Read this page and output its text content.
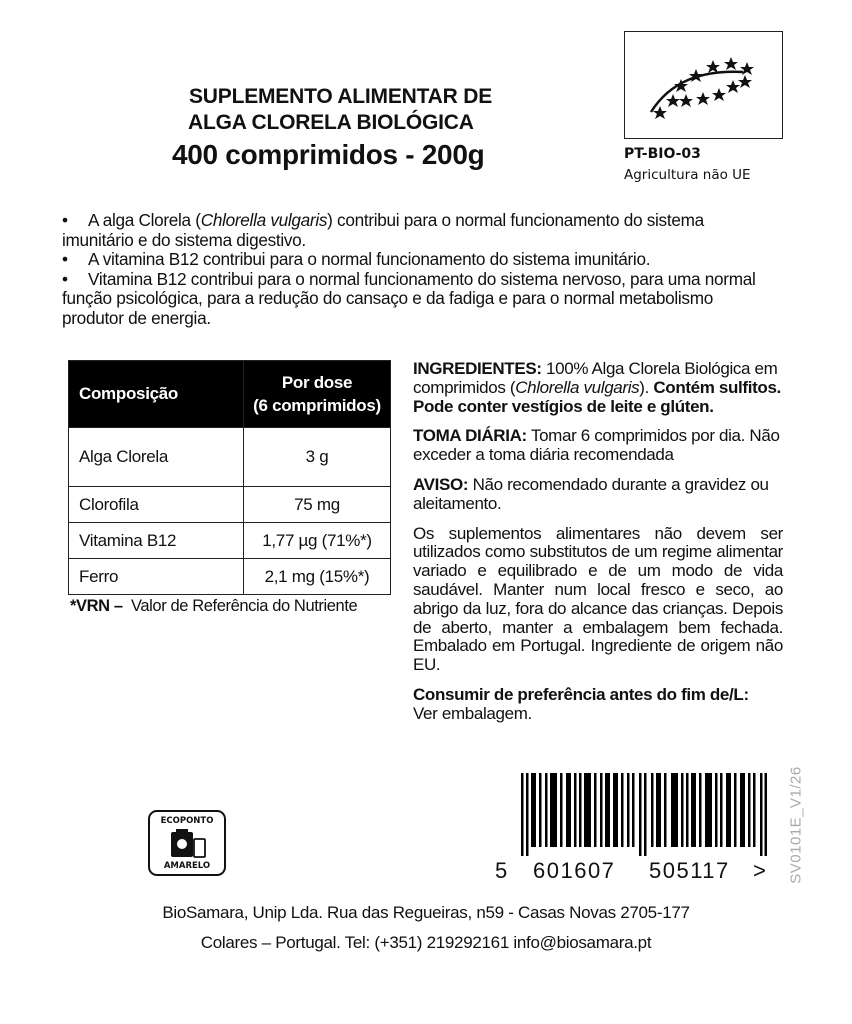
SUPLEMENTO ALIMENTAR DE
ALGA CLORELA BIOLÓGICA
400 comprimidos - 200g	PT-BIO-03
Agricultura não UE
• A alga Clorela (Chlorella vulgaris) contribui para o normal funcionamento do sistema
imunitário e do sistema digestivo.
• A vitamina B12 contribui para o normal funcionamento do sistema imunitário.
• Vitamina B12 contribui para o normal funcionamento do sistema nervoso, para uma normal
função psicológica, para a redução do cansaço e da fadiga e para o normal metabolismo
produtor de energia.
Composição	Por dose
(6 comprimidos)

Alga Clorela	3 g
Clorofila	75 mg
Vitamina B12	1,77 µg (71%*)
Ferro	2,1 mg (15%*)
*VRN – Valor de Referência do Nutriente

INGREDIENTES: 100% Alga Clorela Biológica em comprimidos (Chlorella vulgaris). Contém sulfitos. Pode conter vestígios de leite e glúten.

TOMA DIÁRIA: Tomar 6 comprimidos por dia. Não exceder a toma diária recomendada

AVISO: Não recomendado durante a gravidez ou aleitamento.

Os suplementos alimentares não devem ser utilizados como substitutos de um regime alimentar variado e equilibrado e de um modo de vida saudável. Manter num local fresco e seco, ao abrigo da luz, fora do alcance das crianças. Depois de aberto, manter a embalagem bem fechada. Embalado em Portugal. Ingrediente de origem não EU.

Consumir de preferência antes do fim de/L:
Ver embalagem.

5 601607 505117 > SV0101E_V1/26
ECOPONTO
AMARELO
BioSamara, Unip Lda. Rua das Regueiras, n59 - Casas Novas 2705-177
Colares – Portugal. Tel: (+351) 219292161 info@biosamara.pt
